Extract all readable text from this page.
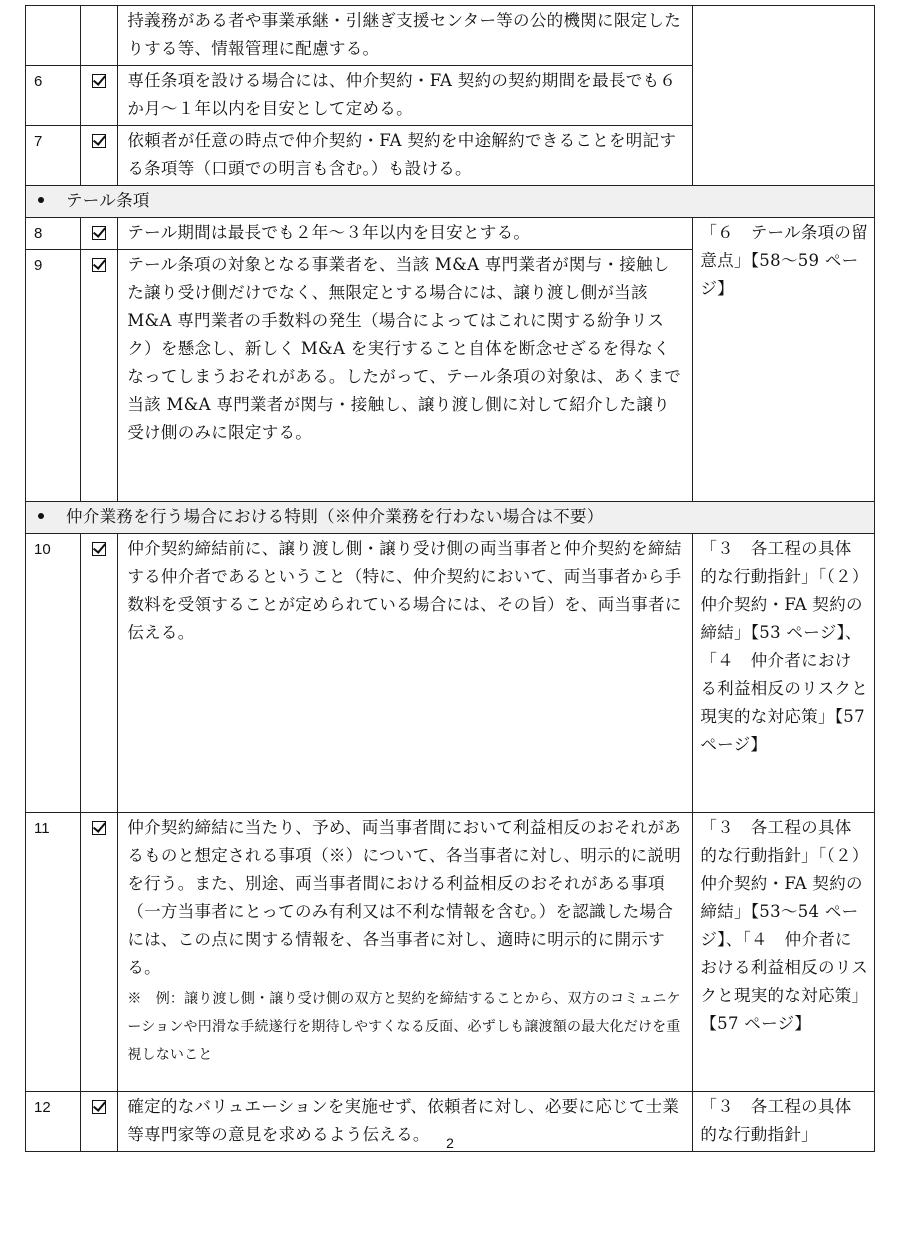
		持義務がある者や事業承継・引継ぎ支援センター等の公的機関に限定したりする等、情報管理に配慮する。	

6		専任条項を設ける場合には、仲介契約・FA 契約の契約期間を最長でも６か月～１年以内を目安として定める。	

7		依頼者が任意の時点で仲介契約・FA 契約を中途解約できることを明記する条項等（口頭での明言も含む。）も設ける。	

テール条項			

8		テール期間は最長でも２年～３年以内を目安とする。	「６　テール条項の留意点」【58～59 ページ】

9		テール条項の対象となる事業者を、当該 M&A 専門業者が関与・接触した譲り受け側だけでなく、無限定とする場合には、譲り渡し側が当該 M&A 専門業者の手数料の発生（場合によってはこれに関する紛争リスク）を懸念し、新しく M&A を実行すること自体を断念せざるを得なくなってしまうおそれがある。したがって、テール条項の対象は、あくまで当該 M&A 専門業者が関与・接触し、譲り渡し側に対して紹介した譲り受け側のみに限定する。	

仲介業務を行う場合における特則（※仲介業務を行わない場合は不要）			

10		仲介契約締結前に、譲り渡し側・譲り受け側の両当事者と仲介契約を締結する仲介者であるということ（特に、仲介契約において、両当事者から手数料を受領することが定められている場合には、その旨）を、両当事者に伝える。	「３　各工程の具体的な行動指針」「（２）仲介契約・FA 契約の締結」【53 ページ】、「４　仲介者における利益相反のリスクと現実的な対応策」【57 ページ】

11		仲介契約締結に当たり、予め、両当事者間において利益相反のおそれがあるものと想定される事項（※）について、各当事者に対し、明示的に説明を行う。また、別途、両当事者間における利益相反のおそれがある事項（一方当事者にとってのみ有利又は不利な情報を含む。）を認識した場合には、この点に関する情報を、各当事者に対し、適時に明示的に開示する。
※　例：譲り渡し側・譲り受け側の双方と契約を締結することから、双方のコミュニケーションや円滑な手続遂行を期待しやすくなる反面、必ずしも譲渡額の最大化だけを重視しないこと	「３　各工程の具体的な行動指針」「（２）仲介契約・FA 契約の締結」【53～54 ページ】、「４　仲介者における利益相反のリスクと現実的な対応策」【57 ページ】

12		確定的なバリュエーションを実施せず、依頼者に対し、必要に応じて士業等専門家等の意見を求めるよう伝える。	「３　各工程の具体的な行動指針」
2
